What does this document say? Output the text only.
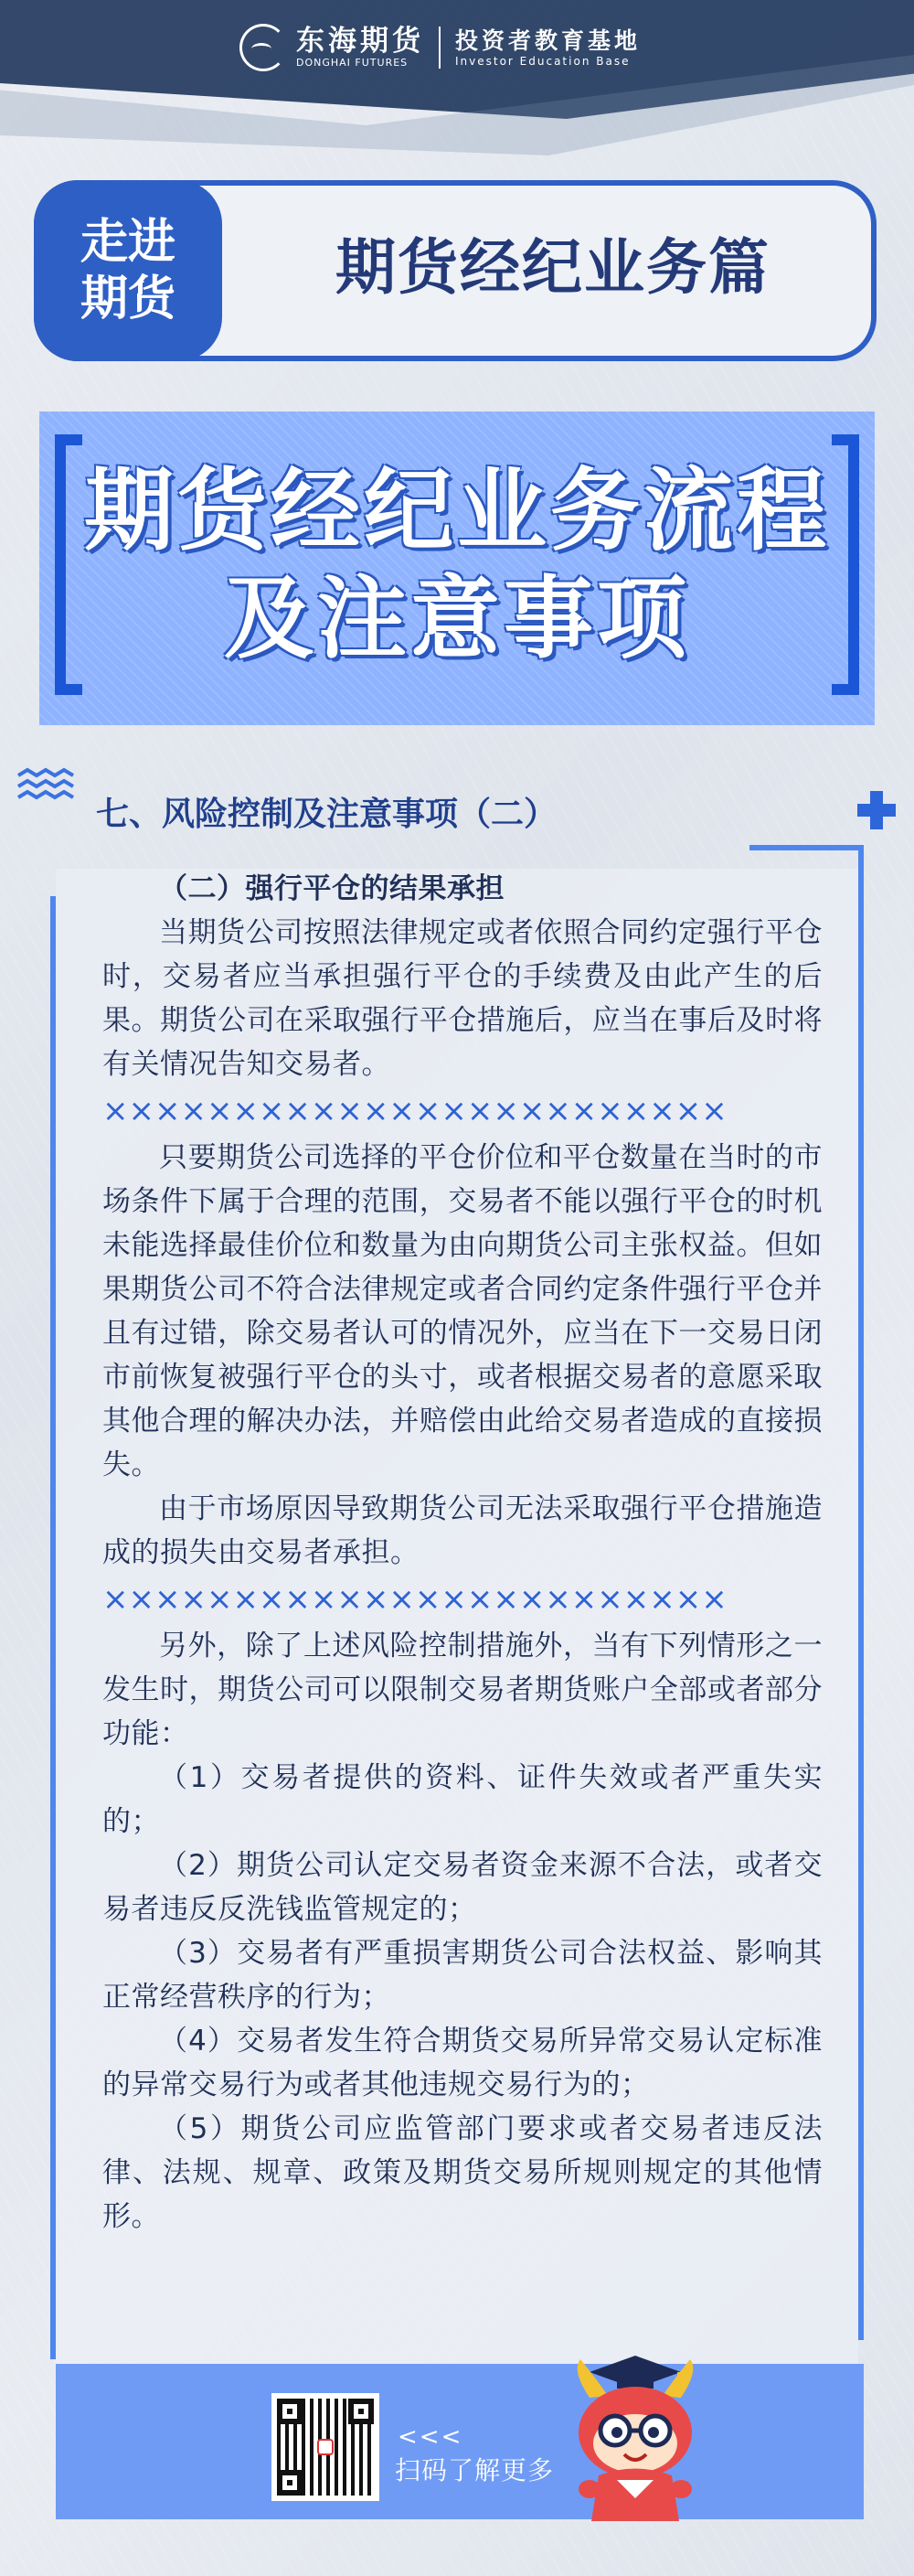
东海期货
DONGHAI FUTURES
投资者教育基地
Investor Education Base
走进
期货	期货经纪业务篇
期货经纪业务流程
及注意事项
七、风险控制及注意事项（二）

（二）强行平仓的结果承担

当期货公司按照法律规定或者依照合同约定强行平仓时，交易者应当承担强行平仓的手续费及由此产生的后果。期货公司在采取强行平仓措施后，应当在事后及时将有关情况告知交易者。

××××××××××××××××××××××××

只要期货公司选择的平仓价位和平仓数量在当时的市场条件下属于合理的范围，交易者不能以强行平仓的时机未能选择最佳价位和数量为由向期货公司主张权益。但如果期货公司不符合法律规定或者合同约定条件强行平仓并且有过错，除交易者认可的情况外，应当在下一交易日闭市前恢复被强行平仓的头寸，或者根据交易者的意愿采取其他合理的解决办法，并赔偿由此给交易者造成的直接损失。

由于市场原因导致期货公司无法采取强行平仓措施造成的损失由交易者承担。

××××××××××××××××××××××××

另外，除了上述风险控制措施外，当有下列情形之一发生时，期货公司可以限制交易者期货账户全部或者部分功能：

（1）交易者提供的资料、证件失效或者严重失实的；

（2）期货公司认定交易者资金来源不合法，或者交易者违反反洗钱监管规定的；

（3）交易者有严重损害期货公司合法权益、影响其正常经营秩序的行为；

（4）交易者发生符合期货交易所异常交易认定标准的异常交易行为或者其他违规交易行为的；

（5）期货公司应监管部门要求或者交易者违反法律、法规、规章、政策及期货交易所规则规定的其他情形。

<<<
扫码了解更多
